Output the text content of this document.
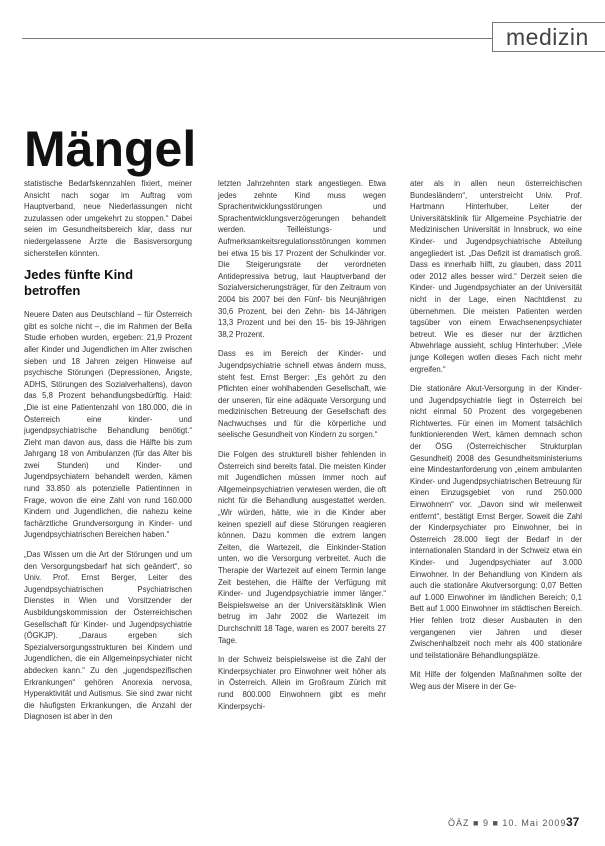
medizin
Mängel

statistische Bedarfskennzahlen fixiert, meiner Ansicht nach sogar im Auftrag vom Hauptverband, neue Niederlassungen nicht zuzulassen oder umgekehrt zu stoppen.“ Dabei seien im Gesundheitsbereich klar, dass nur niedergelassene Ärzte die Basisversorgung sicherstellen könnten.

Jedes fünfte Kind betroffen

Neuere Daten aus Deutschland – für Österreich gibt es solche nicht –, die im Rahmen der Bella Studie erhoben wurden, ergeben: 21,9 Prozent aller Kinder und Jugendlichen im Alter zwischen sieben und 18 Jahren zeigen Hinweise auf psychische Störungen (Depressionen, Ängste, ADHS, Störungen des Sozialverhaltens), davon das 5,8 Prozent behandlungsbedürftig. Haid: „Die ist eine Patientenzahl von 180.000, die in Österreich eine kinder- und jugendpsychiatrische Behandlung benötigt.“ Zieht man davon aus, dass die Hälfte bis zum Jahrgang 18 von Ambulanzen (für das Alter bis zwei Stunden) und Kinder- und Jugendpsychiatern behandelt werden, kämen rund 33.850 als potenzielle Patientinnen in Frage, wovon die eine Zahl von rund 160.000 Kindern und Jugendlichen, die nahezu keine fachärztliche Grundversorgung in Kinder- und Jugendpsychiatrischen Bereichen haben.“

„Das Wissen um die Art der Störungen und um den Versorgungsbedarf hat sich geändert“, so Univ. Prof. Ernst Berger, Leiter des Jugendpsychiatrischen Psychiatrischen Dienstes in Wien und Vorsitzender der Ausbildungskommission der Österreichischen Gesellschaft für Kinder- und Jugendpsychiatrie (ÖGKJP). „Daraus ergeben sich Spezialversorgungsstrukturen bei Kindern und Jugendlichen, die ein Allgemeinpsychiater nicht abdecken kann.“ Zu den „jugendspezifischen Erkrankungen“ gehören Anorexia nervosa, Hyperaktivität und Autismus. Sie sind zwar nicht die häufigsten Erkrankungen, die Anzahl der Diagnosen ist aber in den

letzten Jahrzehnten stark angestiegen. Etwa jedes zehnte Kind muss wegen Sprachentwicklungsstörungen und Sprachentwicklungsverzögerungen behandelt werden. Teilleistungs- und Aufmerksamkeitsregulationsstörungen kommen bei etwa 15 bis 17 Prozent der Schulkinder vor. Die Steigerungsrate der verordneten Antidepressiva betrug, laut Hauptverband der Sozialversicherungsträger, für den Zeitraum von 2004 bis 2007 bei den Fünf- bis Neunjährigen 30,6 Prozent, bei den Zehn- bis 14-Jährigen 13,3 Prozent und bei den 15- bis 19-Jährigen 38,2 Prozent.

Dass es im Bereich der Kinder- und Jugendpsychiatrie schnell etwas ändern muss, steht fest. Ernst Berger: „Es gehört zu den Pflichten einer wohlhabenden Gesellschaft, wie der unseren, für eine adäquate Versorgung und medizinischen Betreuung der Gesellschaft des Nachwuchses und für die körperliche und seelische Gesundheit von Kindern zu sorgen.“

Die Folgen des strukturell bisher fehlenden in Österreich sind bereits fatal. Die meisten Kinder mit Jugendlichen müssen immer noch auf Allgemeinpsychiatrien verwiesen werden, die oft nicht für die Behandlung ausgestattet werden. „Wir würden, hätte, wie in die Kinder aber keinen speziell auf diese Störungen reagieren können. Dazu kommen die extrem langen Zeiten, die Wartezeit, die Einkinder-Station unten, wo die Versorgung verbreitet. Auch die Therapie der Wartezeit auf einem Termin lange Zeit bestehen, die Hälfte der Verfügung mit Kinder- und Jugendpsychiatrie immer länger.“ Beispielsweise an der Universitätsklinik Wien betrug im Jahr 2002 die Wartezeit im Durchschnitt 18 Tage, waren es 2007 bereits 27 Tage.

In der Schweiz beispielsweise ist die Zahl der Kinderpsychiater pro Einwohner weit höher als in Österreich. Allein im Großraum Zürich mit rund 800.000 Einwohnern gibt es mehr Kinderpsychi-

ater als in allen neun österreichischen Bundesländern“, unterstreicht Univ. Prof. Hartmann Hinterhuber, Leiter der Universitätsklinik für Allgemeine Psychiatrie der Medizinischen Universität in Innsbruck, wo eine Kinder- und Jugendpsychiatrische Abteilung angegliedert ist. „Das Defizit ist dramatisch groß. Dass es innerhalb hilft, zu glauben, dass 2011 oder 2012 alles besser wird.“ Derzeit seien die Kinder- und Jugendpsychiater an der Universität nicht in der Lage, einen Nachtdienst zu übernehmen. Die meisten Patienten werden tagsüber von einem Erwachsenenpsychiater betreut. Wie es dieser nur der ärztlichen Abwehrlage aussieht, schlug Hinterhuber: „Viele junge Kollegen wollen dieses Fach nicht mehr ergreifen.“

Die stationäre Akut-Versorgung in der Kinder- und Jugendpsychiatrie liegt in Österreich bei nicht einmal 50 Prozent des vorgegebenen Richtwertes. Für einen im Moment tatsächlich funktionierenden Wert, kämen demnach schon der ÖSG (Österreichischer Strukturplan Gesundheit) 2008 des Gesundheitsministeriums eine Mindestanforderung von „einem ambulanten Kinder- und Jugendpsychiatrischen Betreuung für einen Einzugsgebiet von rund 250.000 Einwohnern“ vor. „Davon sind wir meilenweit entfernt“, bestätigt Ernst Berger. Soweit die Zahl der Kinderpsychiater pro Einwohner, bei in Österreich 28.000 liegt der Bedarf in der internationalen Standard in der Schweiz etwa ein Kinder- und Jugendpsychiater auf 3.000 Einwohner. In der Behandlung von Kindern als auch die stationäre Akutversorgung: 0,07 Betten auf 1.000 Einwohner im ländlichen Bereich; 0,1 Bett auf 1.000 Einwohner im städtischen Bereich. Hier fehlen trotz dieser Ausbauten in den vergangenen vier Jahren und dieser Zwischenhalbzeit noch mehr als 400 stationäre und teilstationäre Behandlungsplätze.

Mit Hilfe der folgenden Maßnahmen sollte der Weg aus der Misere in der Ge-

ÖÄZ ■ 9 ■ 10. Mai 2009 37
